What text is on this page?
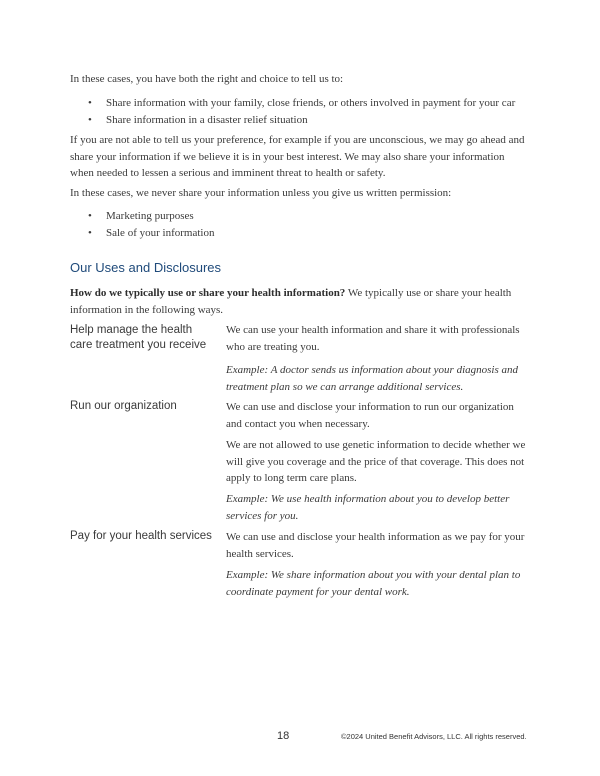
In these cases, you have both the right and choice to tell us to:

• Share information with your family, close friends, or others involved in payment for your car
• Share information in a disaster relief situation

If you are not able to tell us your preference, for example if you are unconscious, we may go ahead and share your information if we believe it is in your best interest. We may also share your information when needed to lessen a serious and imminent threat to health or safety.

In these cases, we never share your information unless you give us written permission:

• Marketing purposes
• Sale of your information
Our Uses and Disclosures

How do we typically use or share your health information? We typically use or share your health information in the following ways.

Help manage the health care treatment you receive

We can use your health information and share it with professionals who are treating you.

Example: A doctor sends us information about your diagnosis and treatment plan so we can arrange additional services.

Run our organization	We can use and disclose your information to run our organization and contact you when necessary.

We are not allowed to use genetic information to decide whether we will give you coverage and the price of that coverage. This does not apply to long term care plans.

Example: We use health information about you to develop better services for you.

Pay for your health services We can use and disclose your health information as we pay for your health services.

Example: We share information about you with your dental plan to coordinate payment for your dental work.

18	©2024 United Benefit Advisors, LLC. All rights reserved.
